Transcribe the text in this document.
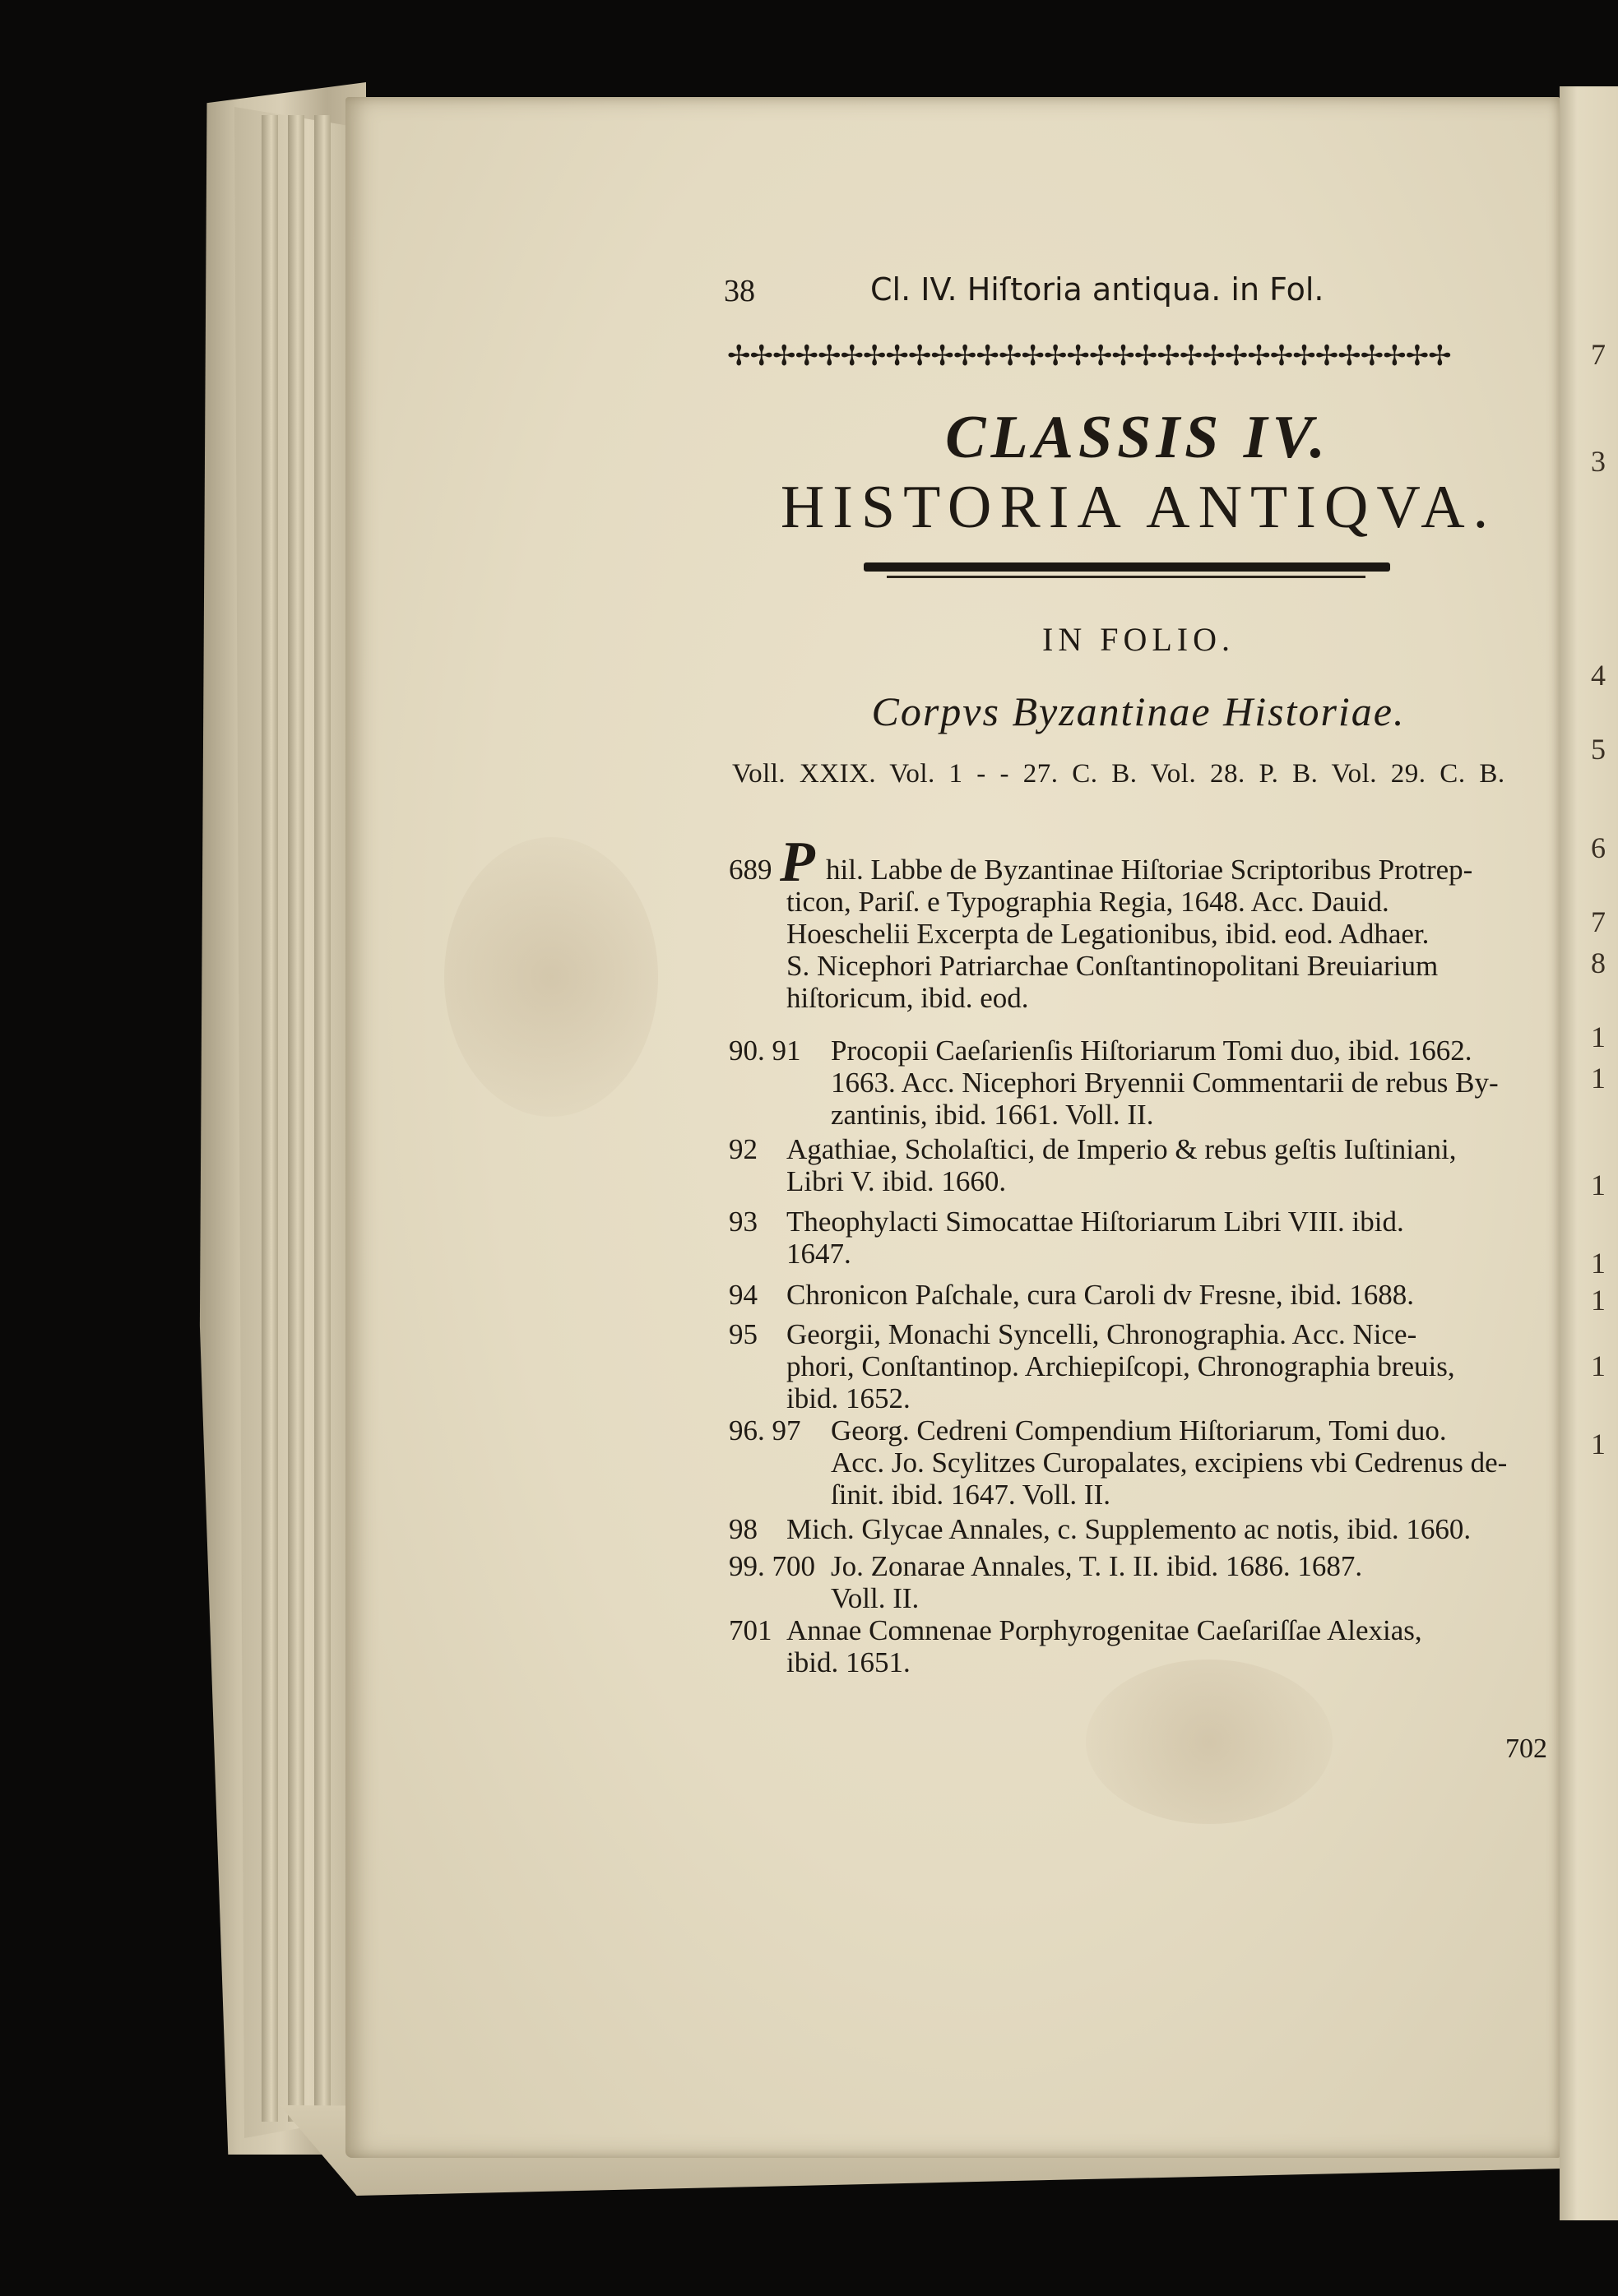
7
3
4
5
6
7
8
1
1
1
1
1
1
1

38	Cl. IV. Hiſtoria antiqua. in Fol.

✢✢✢✢✢✢✢✢✢✢✢✢✢✢✢✢✢✢✢✢✢✢✢✢✢✢✢✢✢✢✢✢

CLASSIS IV.

HISTORIA ANTIQVA.

IN FOLIO.

Corpvs Byzantinae Historiae.

Voll. XXIX. Vol. 1 - - 27. C. B. Vol. 28. P. B. Vol. 29. C. B.

689 P hil. Labbe de Byzantinae Hiſtoriae Scriptoribus Protrep-
ticon, Pariſ. e Typographia Regia, 1648. Acc. Dauid.
Hoeschelii Excerpta de Legationibus, ibid. eod. Adhaer.
S. Nicephori Patriarchae Conſtantinopolitani Breuiarium
hiſtoricum, ibid. eod.
90. 91 Procopii Caeſarienſis Hiſtoriarum Tomi duo, ibid. 1662.
1663. Acc. Nicephori Bryennii Commentarii de rebus By-
zantinis, ibid. 1661. Voll. II.
92 Agathiae, Scholaſtici, de Imperio & rebus geſtis Iuſtiniani,
Libri V. ibid. 1660.
93 Theophylacti Simocattae Hiſtoriarum Libri VIII. ibid.
1647.
94 Chronicon Paſchale, cura Caroli dv Fresne, ibid. 1688.
95 Georgii, Monachi Syncelli, Chronographia. Acc. Nice-
phori, Conſtantinop. Archiepiſcopi, Chronographia breuis,
ibid. 1652.
96. 97 Georg. Cedreni Compendium Hiſtoriarum, Tomi duo.
Acc. Jo. Scylitzes Curopalates, excipiens vbi Cedrenus de-
ſinit. ibid. 1647. Voll. II.
98 Mich. Glycae Annales, c. Supplemento ac notis, ibid. 1660.
99. 700 Jo. Zonarae Annales, T. I. II. ibid. 1686. 1687.
Voll. II.
701 Annae Comnenae Porphyrogenitae Caeſariſſae Alexias,
ibid. 1651.

702
